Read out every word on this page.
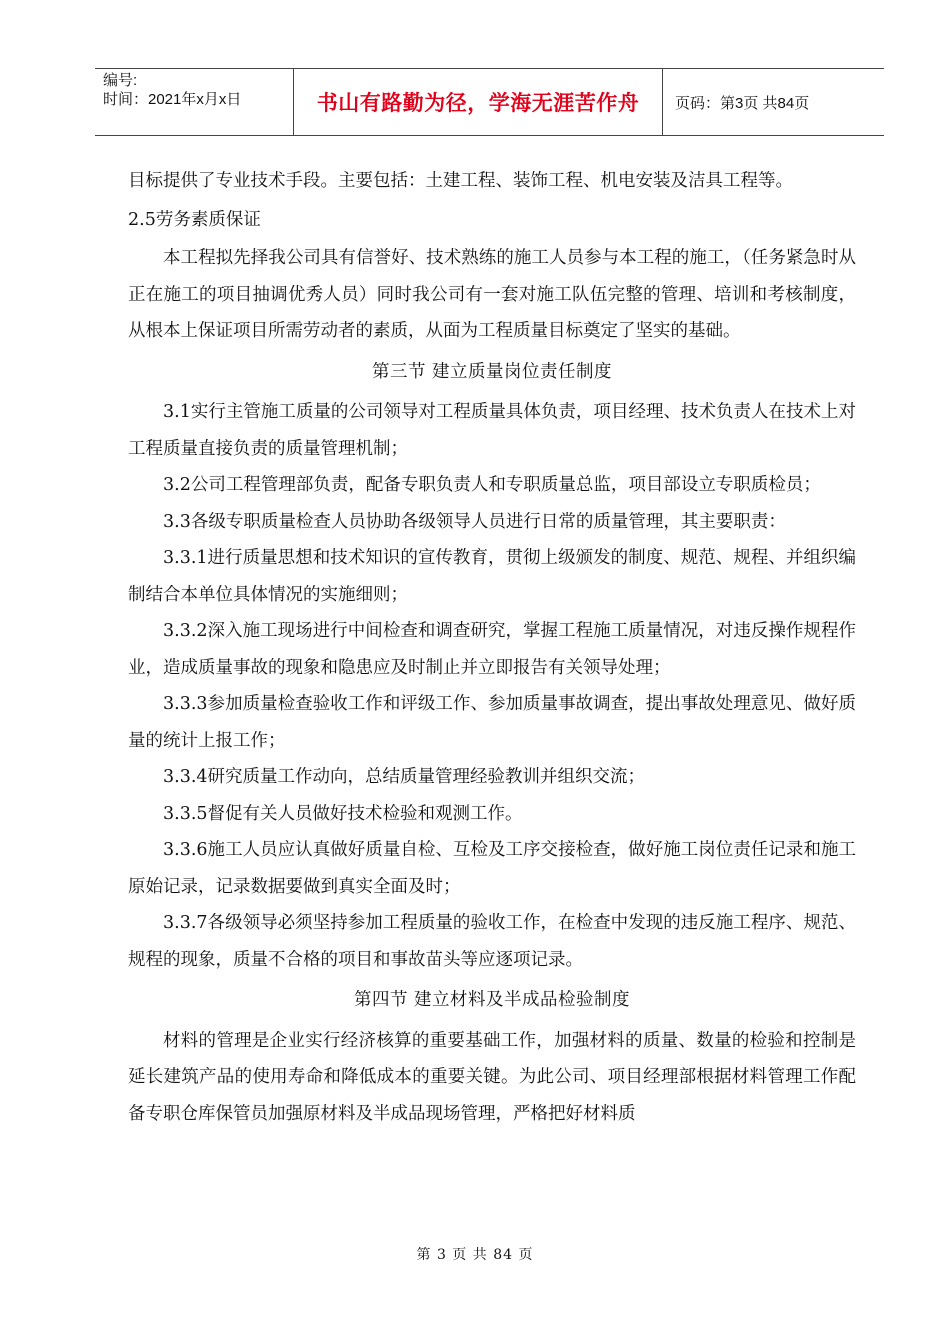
编号:
时间：2021年x月x日	书山有路勤为径，学海无涯苦作舟	页码：第3页 共84页

目标提供了专业技术手段。主要包括：土建工程、装饰工程、机电安装及洁具工程等。

2.5劳务素质保证

本工程拟先择我公司具有信誉好、技术熟练的施工人员参与本工程的施工，（任务紧急时从正在施工的项目抽调优秀人员）同时我公司有一套对施工队伍完整的管理、培训和考核制度，从根本上保证项目所需劳动者的素质，从面为工程质量目标奠定了坚实的基础。

第三节 建立质量岗位责任制度

3.1实行主管施工质量的公司领导对工程质量具体负责，项目经理、技术负责人在技术上对工程质量直接负责的质量管理机制；

3.2公司工程管理部负责，配备专职负责人和专职质量总监，项目部设立专职质检员；

3.3各级专职质量检查人员协助各级领导人员进行日常的质量管理，其主要职责：

3.3.1进行质量思想和技术知识的宣传教育，贯彻上级颁发的制度、规范、规程、并组织编制结合本单位具体情况的实施细则；

3.3.2深入施工现场进行中间检查和调查研究，掌握工程施工质量情况，对违反操作规程作业，造成质量事故的现象和隐患应及时制止并立即报告有关领导处理；

3.3.3参加质量检查验收工作和评级工作、参加质量事故调查，提出事故处理意见、做好质量的统计上报工作；

3.3.4研究质量工作动向，总结质量管理经验教训并组织交流；

3.3.5督促有关人员做好技术检验和观测工作。

3.3.6施工人员应认真做好质量自检、互检及工序交接检查，做好施工岗位责任记录和施工原始记录，记录数据要做到真实全面及时；

3.3.7各级领导必须坚持参加工程质量的验收工作，在检查中发现的违反施工程序、规范、规程的现象，质量不合格的项目和事故苗头等应逐项记录。

第四节 建立材料及半成品检验制度

材料的管理是企业实行经济核算的重要基础工作，加强材料的质量、数量的检验和控制是延长建筑产品的使用寿命和降低成本的重要关键。为此公司、项目经理部根据材料管理工作配备专职仓库保管员加强原材料及半成品现场管理，严格把好材料质

第 3 页 共 84 页
